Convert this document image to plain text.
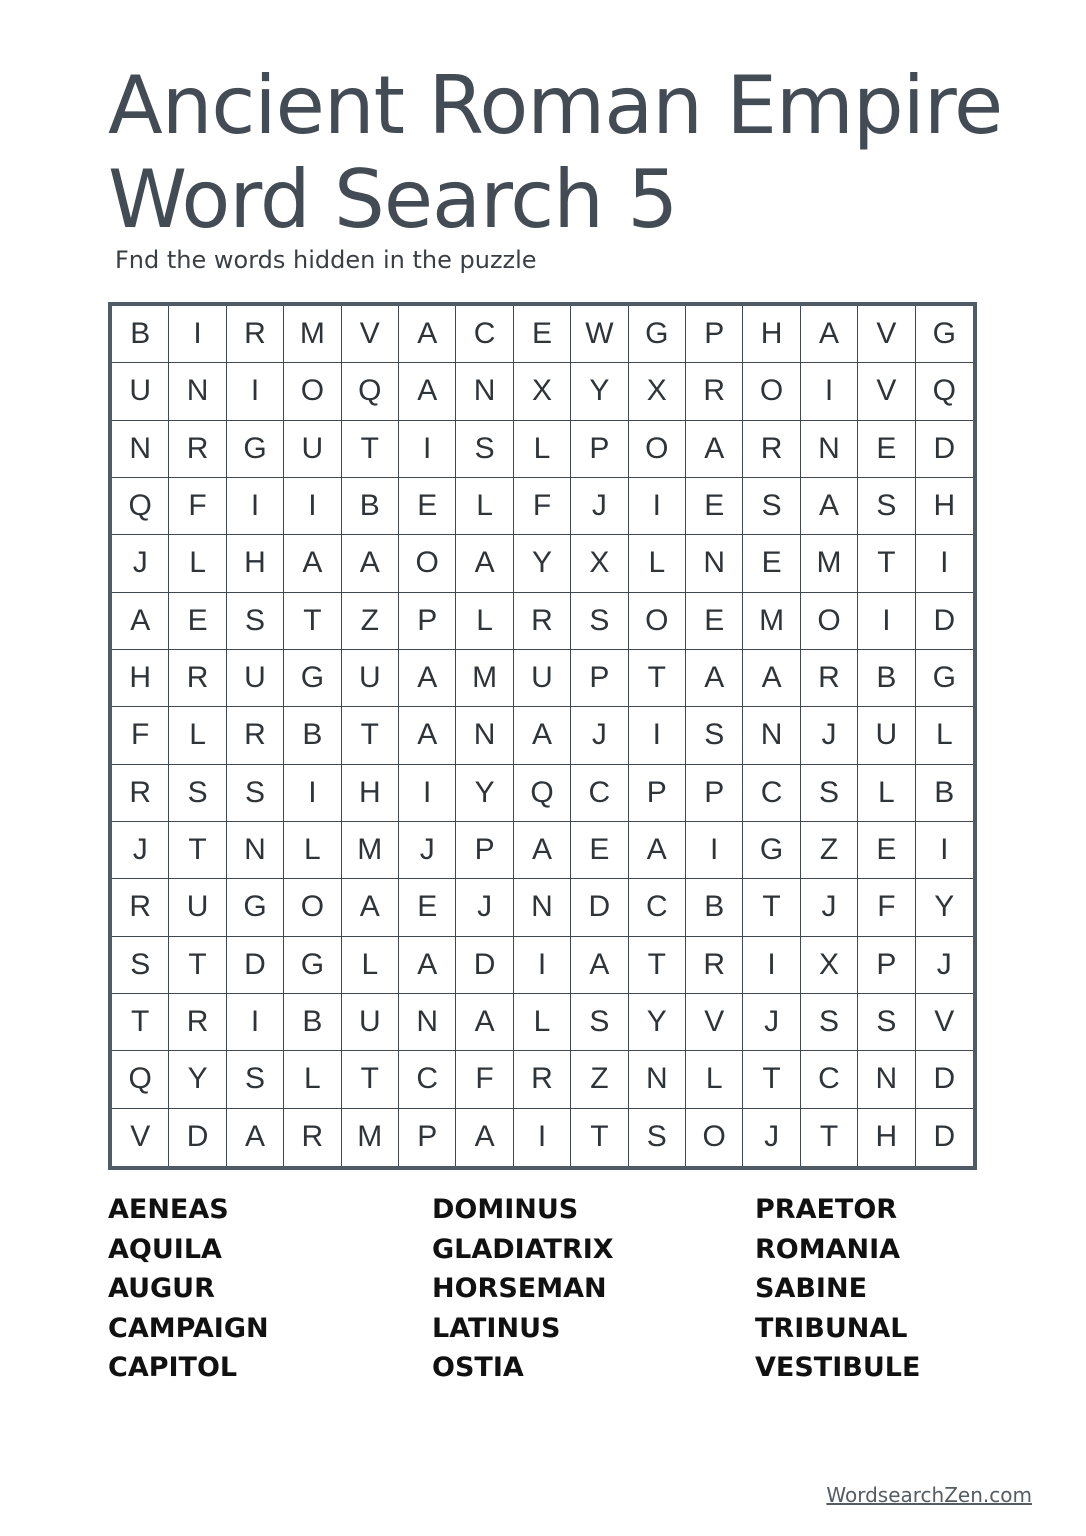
Ancient Roman Empire
Word Search 5
Fnd the words hidden in the puzzle
B	I	R	M	V	A	C	E	W	G	P	H	A	V	G
U	N	I	O	Q	A	N	X	Y	X	R	O	I	V	Q
N	R	G	U	T	I	S	L	P	O	A	R	N	E	D
Q	F	I	I	B	E	L	F	J	I	E	S	A	S	H
J	L	H	A	A	O	A	Y	X	L	N	E	M	T	I
A	E	S	T	Z	P	L	R	S	O	E	M	O	I	D
H	R	U	G	U	A	M	U	P	T	A	A	R	B	G
F	L	R	B	T	A	N	A	J	I	S	N	J	U	L
R	S	S	I	H	I	Y	Q	C	P	P	C	S	L	B
J	T	N	L	M	J	P	A	E	A	I	G	Z	E	I
R	U	G	O	A	E	J	N	D	C	B	T	J	F	Y
S	T	D	G	L	A	D	I	A	T	R	I	X	P	J
T	R	I	B	U	N	A	L	S	Y	V	J	S	S	V
Q	Y	S	L	T	C	F	R	Z	N	L	T	C	N	D
V	D	A	R	M	P	A	I	T	S	O	J	T	H	D
AENEAS
AQUILA
AUGUR
CAMPAIGN
CAPITOL
DOMINUS
GLADIATRIX
HORSEMAN
LATINUS
OSTIA
PRAETOR
ROMANIA
SABINE
TRIBUNAL
VESTIBULE
WordsearchZen.com
